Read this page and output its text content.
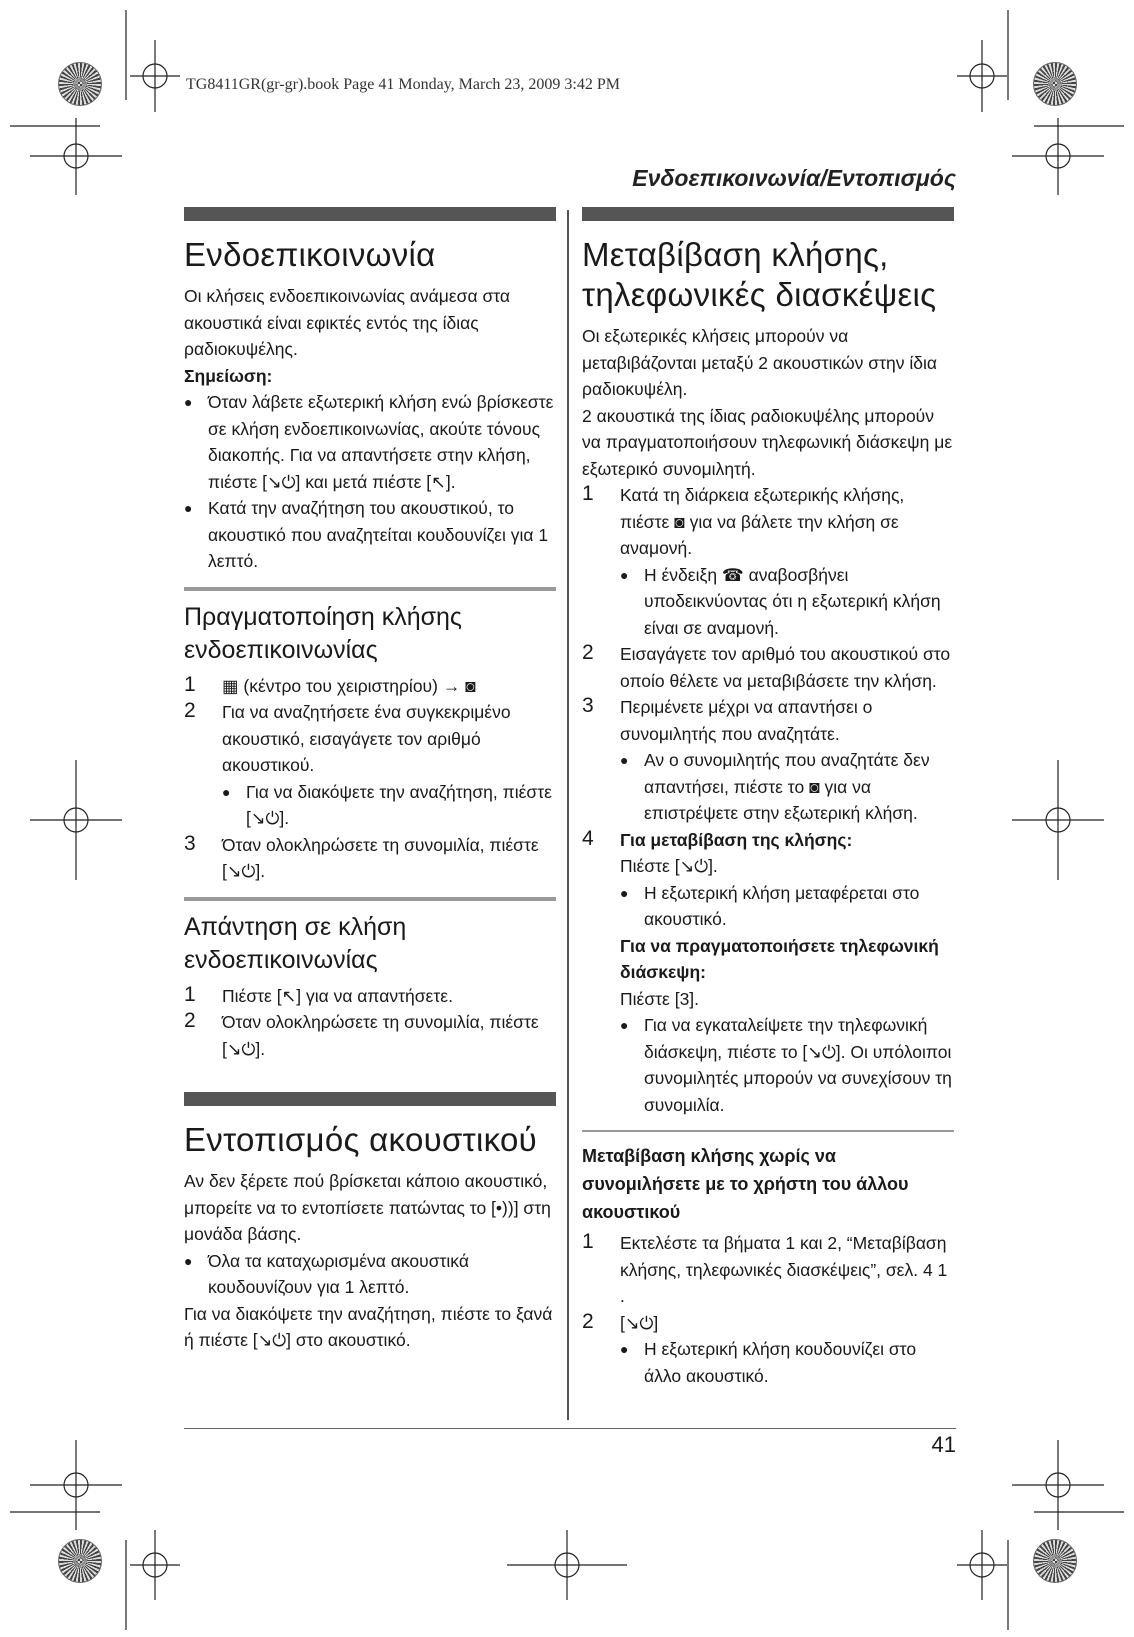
TG8411GR(gr-gr).book Page 41 Monday, March 23, 2009 3:42 PM
Ενδοεπικοινωνία/Εντοπισμός
Ενδοεπικοινωνία

Οι κλήσεις ενδοεπικοινωνίας ανάμεσα στα ακουστικά είναι εφικτές εντός της ίδιας ραδιοκυψέλης.

Σημείωση:

● Όταν λάβετε εξωτερική κλήση ενώ βρίσκεστε σε κλήση ενδοεπικοινωνίας, ακούτε τόνους διακοπής. Για να απαντήσετε στην κλήση, πιέστε [↘⏻] και μετά πιέστε [↖].
● Κατά την αναζήτηση του ακουστικού, το ακουστικό που αναζητείται κουδουνίζει για 1 λεπτό.
Πραγματοποίηση κλήσης ενδοεπικοινωνίας
1 ▦ (κέντρο του χειριστηρίου) → ◙
2 Για να αναζητήσετε ένα συγκεκριμένο ακουστικό, εισαγάγετε τον αριθμό ακουστικού.
● Για να διακόψετε την αναζήτηση, πιέστε [↘⏻].
3 Όταν ολοκληρώσετε τη συνομιλία, πιέστε [↘⏻].
Απάντηση σε κλήση ενδοεπικοινωνίας
1 Πιέστε [↖] για να απαντήσετε.
2 Όταν ολοκληρώσετε τη συνομιλία, πιέστε [↘⏻].
Εντοπισμός ακουστικού

Αν δεν ξέρετε πού βρίσκεται κάποιο ακουστικό, μπορείτε να το εντοπίσετε πατώντας το [•))] στη μονάδα βάσης.

● Όλα τα καταχωρισμένα ακουστικά κουδουνίζουν για 1 λεπτό.

Για να διακόψετε την αναζήτηση, πιέστε το ξανά ή πιέστε [↘⏻] στο ακουστικό.

Μεταβίβαση κλήσης, τηλεφωνικές διασκέψεις

Οι εξωτερικές κλήσεις μπορούν να μεταβιβάζονται μεταξύ 2 ακουστικών στην ίδια ραδιοκυψέλη.

2 ακουστικά της ίδιας ραδιοκυψέλης μπορούν να πραγματοποιήσουν τηλεφωνική διάσκεψη με εξωτερικό συνομιλητή.

1 Κατά τη διάρκεια εξωτερικής κλήσης, πιέστε ◙ για να βάλετε την κλήση σε αναμονή.
● Η ένδειξη ☎ αναβοσβήνει υποδεικνύοντας ότι η εξωτερική κλήση είναι σε αναμονή.
2 Εισαγάγετε τον αριθμό του ακουστικού στο οποίο θέλετε να μεταβιβάσετε την κλήση.
3 Περιμένετε μέχρι να απαντήσει ο συνομιλητής που αναζητάτε.
● Αν ο συνομιλητής που αναζητάτε δεν απαντήσει, πιέστε το ◙ για να επιστρέψετε στην εξωτερική κλήση.
4 Για μεταβίβαση της κλήσης:
Πιέστε [↘⏻].
● Η εξωτερική κλήση μεταφέρεται στο ακουστικό.
Για να πραγματοποιήσετε τηλεφωνική διάσκεψη:
Πιέστε [3].
● Για να εγκαταλείψετε την τηλεφωνική διάσκεψη, πιέστε το [↘⏻]. Οι υπόλοιποι συνομιλητές μπορούν να συνεχίσουν τη συνομιλία.
Μεταβίβαση κλήσης χωρίς να συνομιλήσετε με το χρήστη του άλλου ακουστικού
1 Εκτελέστε τα βήματα 1 και 2, “Μεταβίβαση κλήσης, τηλεφωνικές διασκέψεις”, σελ. 4 1 .
2 [↘⏻]
● Η εξωτερική κλήση κουδουνίζει στο άλλο ακουστικό.
41
